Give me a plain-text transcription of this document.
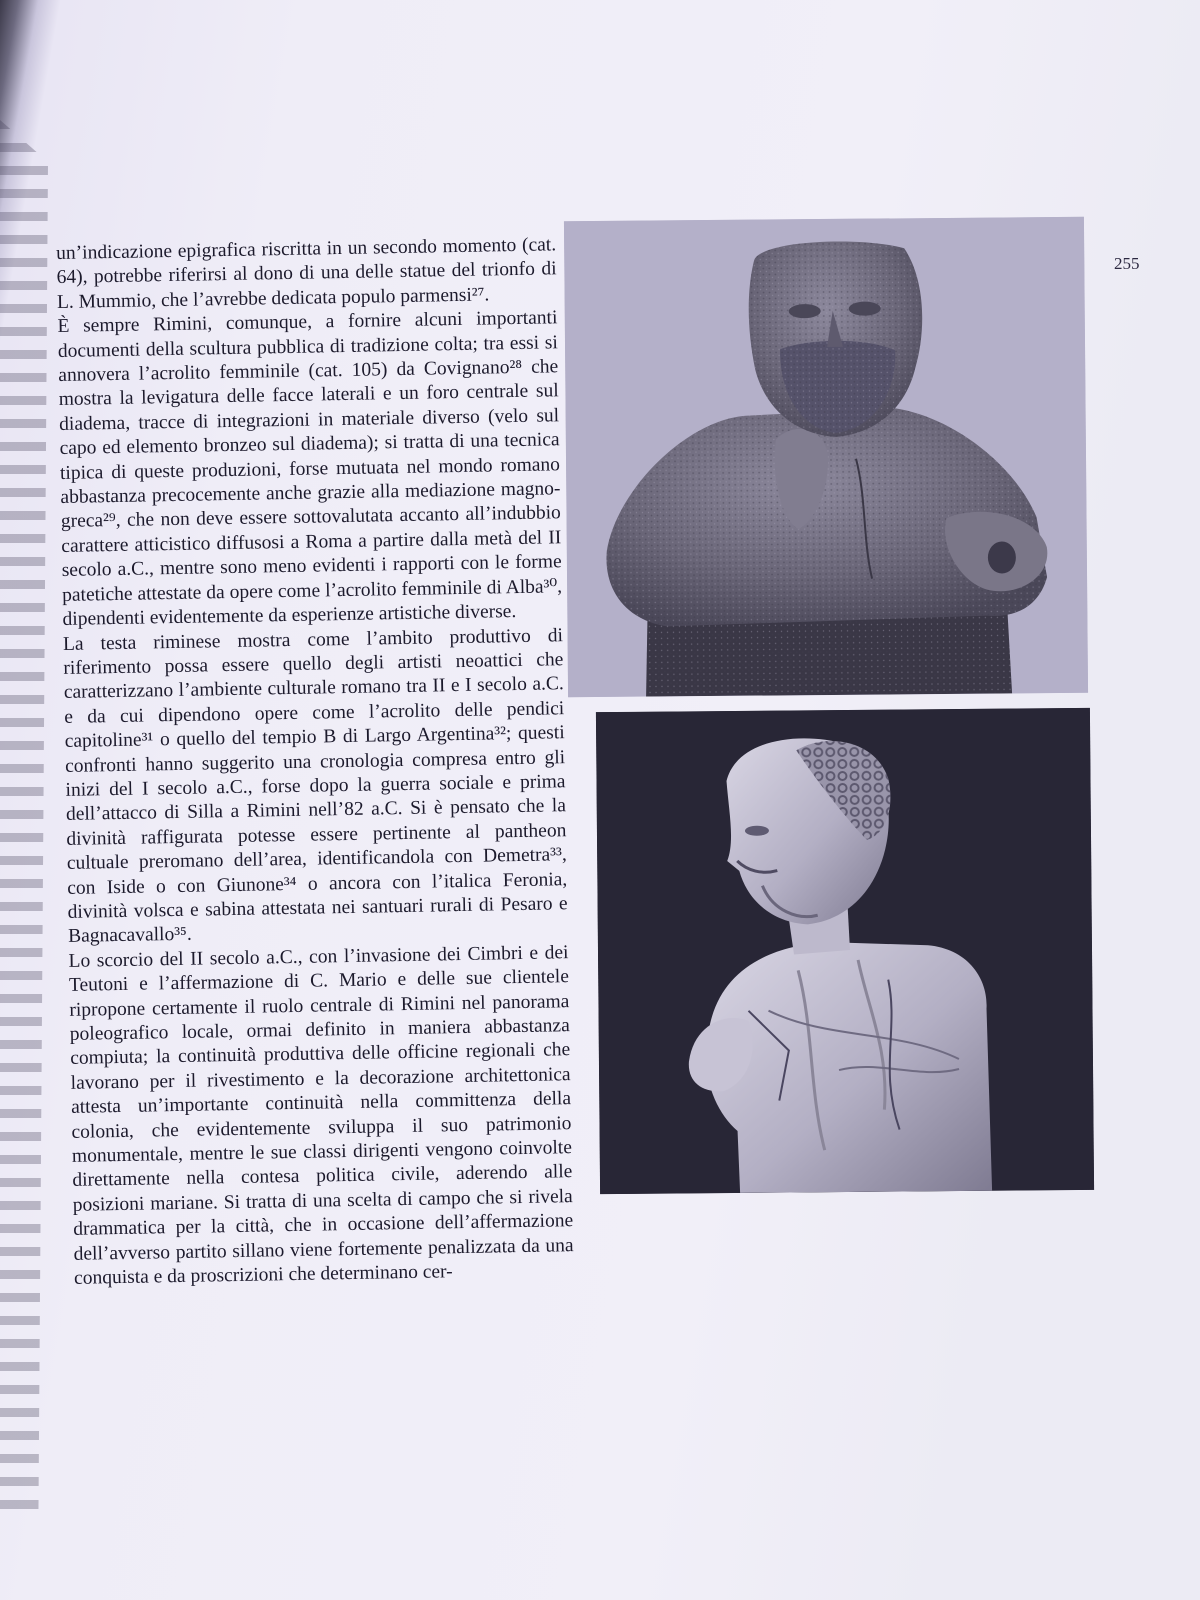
255

un’indicazione epigrafica riscritta in un secondo momento (cat. 64), potrebbe riferirsi al dono di una delle statue del trionfo di L. Mummio, che l’avrebbe dedicata populo parmensi²⁷.

È sempre Rimini, comunque, a fornire alcuni importanti documenti della scultura pubblica di tradizione colta; tra essi si annovera l’acrolito femminile (cat. 105) da Covignano²⁸ che mostra la levigatura delle facce laterali e un foro centrale sul diadema, tracce di integrazioni in materiale diverso (velo sul capo ed elemento bronzeo sul diadema); si tratta di una tecnica tipica di queste produzioni, forse mutuata nel mondo romano abbastanza precocemente anche grazie alla mediazione magno-greca²⁹, che non deve essere sottovalutata accanto all’indubbio carattere atticistico diffusosi a Roma a partire dalla metà del II secolo a.C., mentre sono meno evidenti i rapporti con le forme patetiche attestate da opere come l’acrolito femminile di Alba³⁰, dipendenti evidentemente da esperienze artistiche diverse.

La testa riminese mostra come l’ambito produttivo di riferimento possa essere quello degli artisti neoattici che caratterizzano l’ambiente culturale romano tra II e I secolo a.C. e da cui dipendono opere come l’acrolito delle pendici capitoline³¹ o quello del tempio B di Largo Argentina³²; questi confronti hanno suggerito una cronologia compresa entro gli inizi del I secolo a.C., forse dopo la guerra sociale e prima dell’attacco di Silla a Rimini nell’82 a.C. Si è pensato che la divinità raffigurata potesse essere pertinente al pantheon cultuale preromano dell’area, identificandola con Demetra³³, con Iside o con Giunone³⁴ o ancora con l’italica Feronia, divinità volsca e sabina attestata nei santuari rurali di Pesaro e Bagnacavallo³⁵.

Lo scorcio del II secolo a.C., con l’invasione dei Cimbri e dei Teutoni e l’affermazione di C. Mario e delle sue clientele ripropone certamente il ruolo centrale di Rimini nel panorama poleografico locale, ormai definito in maniera abbastanza compiuta; la continuità produttiva delle officine regionali che lavorano per il rivestimento e la decorazione architettonica attesta un’importante continuità nella committenza della colonia, che evidentemente sviluppa il suo patrimonio monumentale, mentre le sue classi dirigenti vengono coinvolte direttamente nella contesa politica civile, aderendo alle posizioni mariane. Si tratta di una scelta di campo che si rivela drammatica per la città, che in occasione dell’affermazione dell’avverso partito sillano viene fortemente penalizzata da una conquista e da proscrizioni che determinano cer-
